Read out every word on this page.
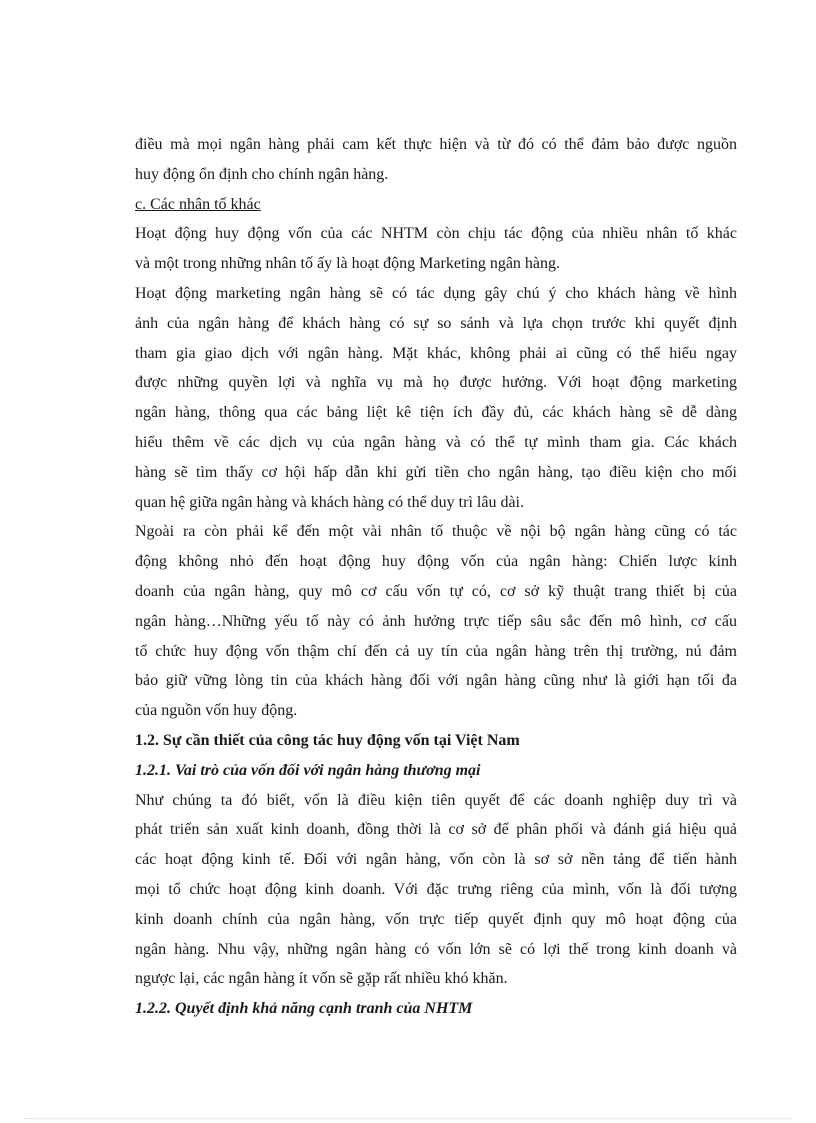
điều mà mọi ngân hàng phải cam kết thực hiện và từ đó có thể đảm bảo được nguồn
huy động ổn định cho chính ngân hàng.
c. Các nhân tố khác
Hoạt động huy động vốn của các NHTM còn chịu tác động của nhiều nhân tố khác
và một trong những nhân tố ấy là hoạt động Marketing ngân hàng.
Hoạt động marketing ngân hàng sẽ có tác dụng gây chú ý cho khách hàng về hình
ảnh của ngân hàng để khách hàng có sự so sánh và lựa chọn trước khi quyết định
tham gia giao dịch với ngân hàng. Mặt khác, không phải ai cũng có thể hiểu ngay
được những quyền lợi và nghĩa vụ mà họ được hưởng. Với hoạt động marketing
ngân hàng, thông qua các bảng liệt kê tiện ích đầy đủ, các khách hàng sẽ dễ dàng
hiểu thêm về các dịch vụ của ngân hàng và có thể tự mình tham gia. Các khách
hàng sẽ tìm thấy cơ hội hấp dẫn khi gửi tiền cho ngân hàng, tạo điều kiện cho mối
quan hệ giữa ngân hàng và khách hàng có thể duy trì lâu dài.
Ngoài ra còn phải kể đến một vài nhân tố thuộc về nội bộ ngân hàng cũng có tác
động không nhỏ đến hoạt động huy động vốn của ngân hàng: Chiến lược kinh
doanh của ngân hàng, quy mô cơ cấu vốn tự có, cơ sở kỹ thuật trang thiết bị của
ngân hàng…Những yếu tố này có ảnh hưởng trực tiếp sâu sắc đến mô hình, cơ cấu
tổ chức huy động vốn thậm chí đến cả uy tín của ngân hàng trên thị trường, nú đảm
bảo giữ vững lòng tin của khách hàng đối với ngân hàng cũng như là giới hạn tối đa
của nguồn vốn huy động.
1.2. Sự cần thiết của công tác huy động vốn tại Việt Nam
1.2.1. Vai trò của vốn đối với ngân hàng thương mại
Như chúng ta đó biết, vốn là điều kiện tiên quyết để các doanh nghiệp duy trì và
phát triển sản xuất kinh doanh, đồng thời là cơ sở để phân phối và đánh giá hiệu quả
các hoạt động kinh tế. Đối với ngân hàng, vốn còn là sơ sở nền tảng để tiến hành
mọi tổ chức hoạt động kinh doanh. Với đặc trưng riêng của mình, vốn là đối tượng
kinh doanh chính của ngân hàng, vốn trực tiếp quyết định quy mô hoạt động của
ngân hàng. Nhu vậy, những ngân hàng có vốn lớn sẽ có lợi thế trong kinh doanh và
ngược lại, các ngân hàng ít vốn sẽ gặp rất nhiều khó khăn.
1.2.2. Quyết định khả năng cạnh tranh của NHTM
